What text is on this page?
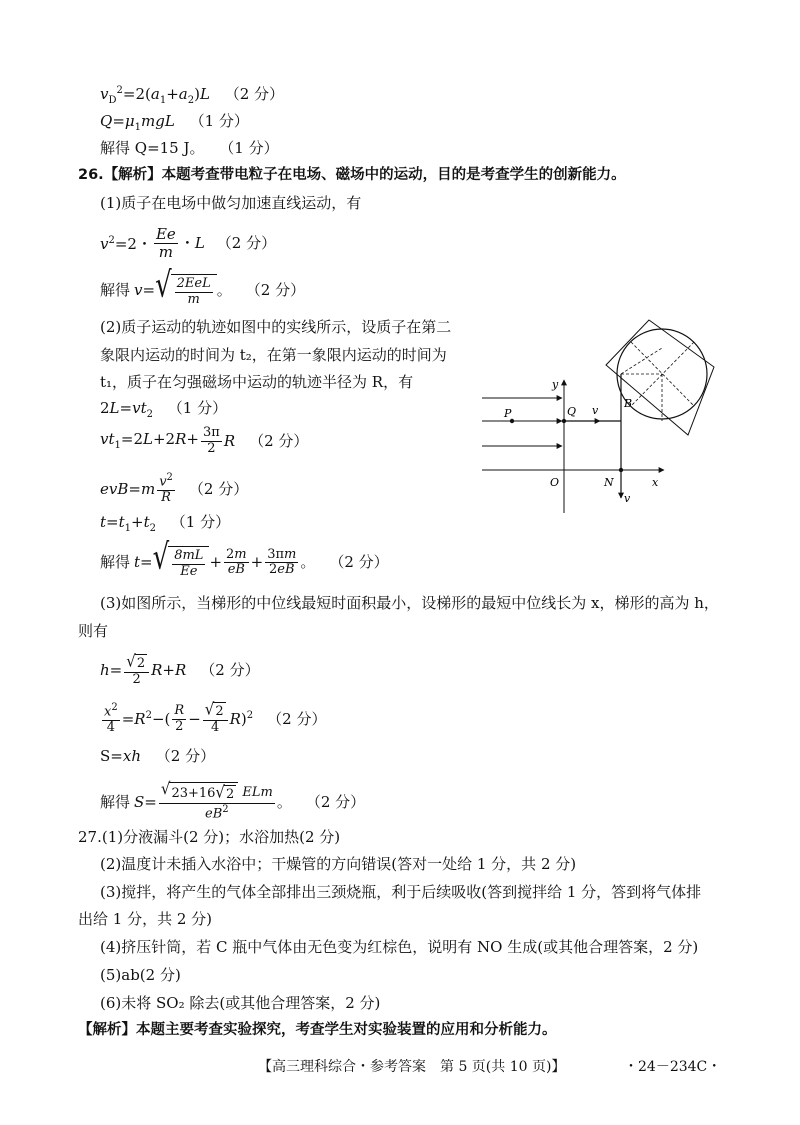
$v_D^2=2(a_1+a_2)L$ （2 分）
$Q=\mu_1mgL$ （1 分）
解得 Q=15 J。 （1 分）
26.【解析】本题考查带电粒子在电场、磁场中的运动，目的是考查学生的创新能力。
(1)质子在电场中做匀加速直线运动，有
$v^2=2$・ $\frac{Ee}{m}$ ・L （2 分）
解得 v= √ $\frac{\text{2EeL}}{m}$ 。 （2 分）
(2)质子运动的轨迹如图中的实线所示，设质子在第二
象限内运动的时间为 t₂，在第一象限内运动的时间为
t₁，质子在匀强磁场中运动的轨迹半径为 R，有
$2L=vt_2$ （1 分）
$vt_1=2L+2R+ \frac{3\pi}{2}$ R （2 分）
$evB=m \frac{v^2}{R} (2$ 分）
$t=t_1+t_2$ （1 分）
解得 t= √ $\frac{8mL}{Ee} + \frac{2m}{eB} + \frac{3\pi m}{2eB}$ 。 （2 分）
(3)如图所示，当梯形的中位线最短时面积最小，设梯形的最短中位线长为 x，梯形的高为 h，
则有
$h= \frac{√ 2}{2} R+R$ （2 分）
$\frac{x^2}{4} =R^2-( \frac{R}{2} - \frac{√ 2}{4} R)^2$ （2 分）
S=xh （2 分）
解得 $S= \frac{\text{√ 23+16 √ 2 ELm}}{eB^2}$ 。 （2 分）
y
x
P	Q v
B
O	N
v
27.(1)分液漏斗(2 分)；水浴加热(2 分)
(2)温度计未插入水浴中；干燥管的方向错误(答对一处给 1 分，共 2 分)
(3)搅拌，将产生的气体全部排出三颈烧瓶，利于后续吸收(答到搅拌给 1 分，答到将气体排
出给 1 分，共 2 分)
(4)挤压针筒，若 C 瓶中气体由无色变为红棕色，说明有 NO 生成(或其他合理答案，2 分)
(5)ab(2 分)
(6)未将 SO₂ 除去(或其他合理答案，2 分)
【解析】本题主要考查实验探究，考查学生对实验装置的应用和分析能力。
【高三理科综合・参考答案　第 5 页(共 10 页)】	・24－234C・
